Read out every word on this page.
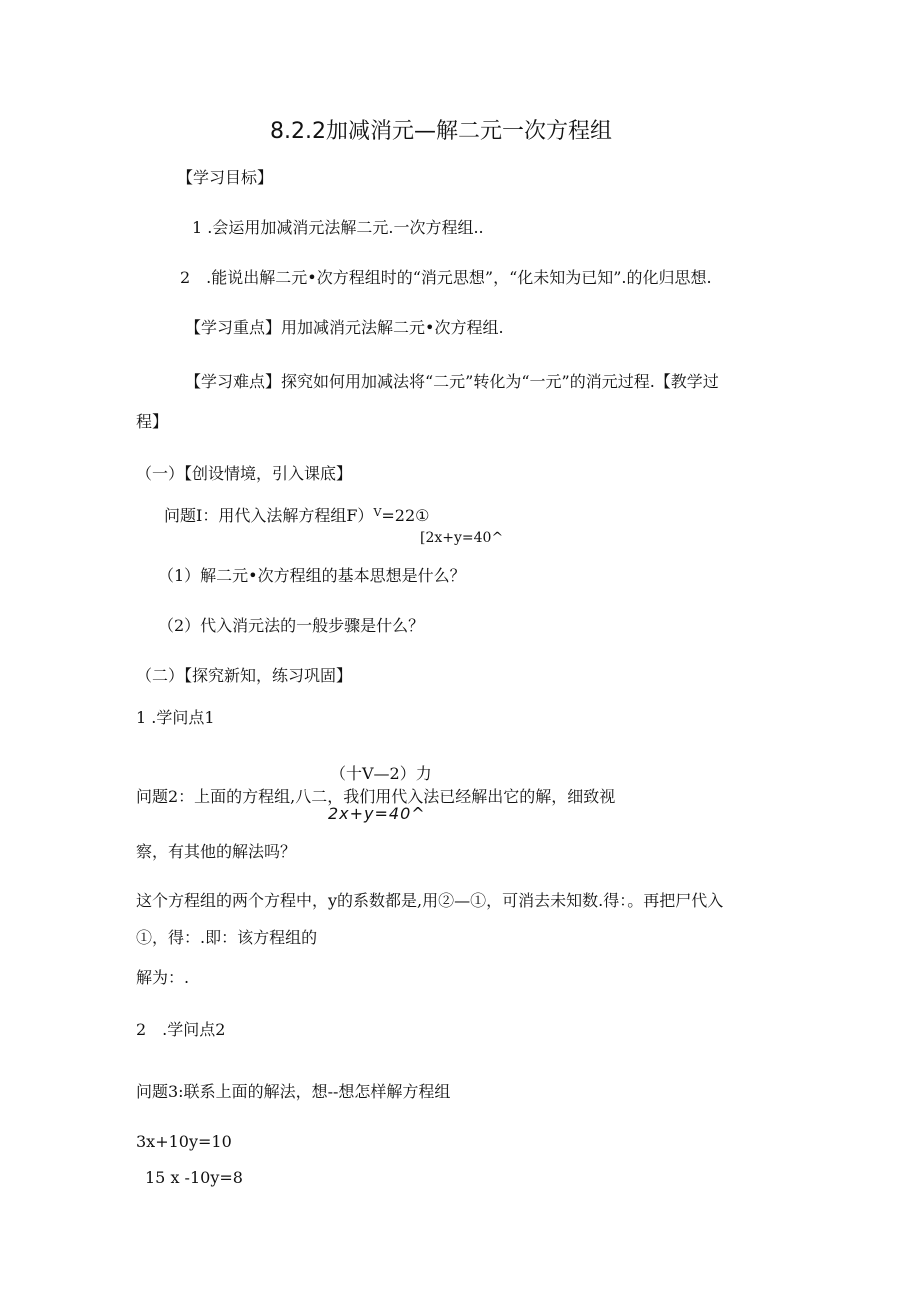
8.2.2加减消元—解二元一次方程组
【学习目标】
1 .会运用加减消元法解二元.一次方程组..
2　.能说出解二元•次方程组时的“消元思想”，“化未知为已知”.的化归思想.
【学习重点】用加减消元法解二元•次方程组.
【学习难点】探究如何用加减法将“二元”转化为“一元”的消元过程.【教学过
程】
（一）【创设情境，引入课底】
问题I：用代入法解方程组F）$^V$=22①
[2x+y=40^
（1）解二元•次方程组的基本思想是什么？
（2）代入消元法的一般步骤是什么？
（二）【探究新知，练习巩固】
1 .学问点1
（十V—2）力
问题2：上面的方程组,八二，我们用代入法已经解出它的解，细致视
2x+y=40^
察，有其他的解法吗？
这个方程组的两个方程中，y的系数都是,用②—①，可消去未知数.得：。再把尸代入
①，得：.即：该方程组的
解为：.
2　.学问点2
问题3:联系上面的解法，想--想怎样解方程组
3x+10y=10
15 x -10y=8
